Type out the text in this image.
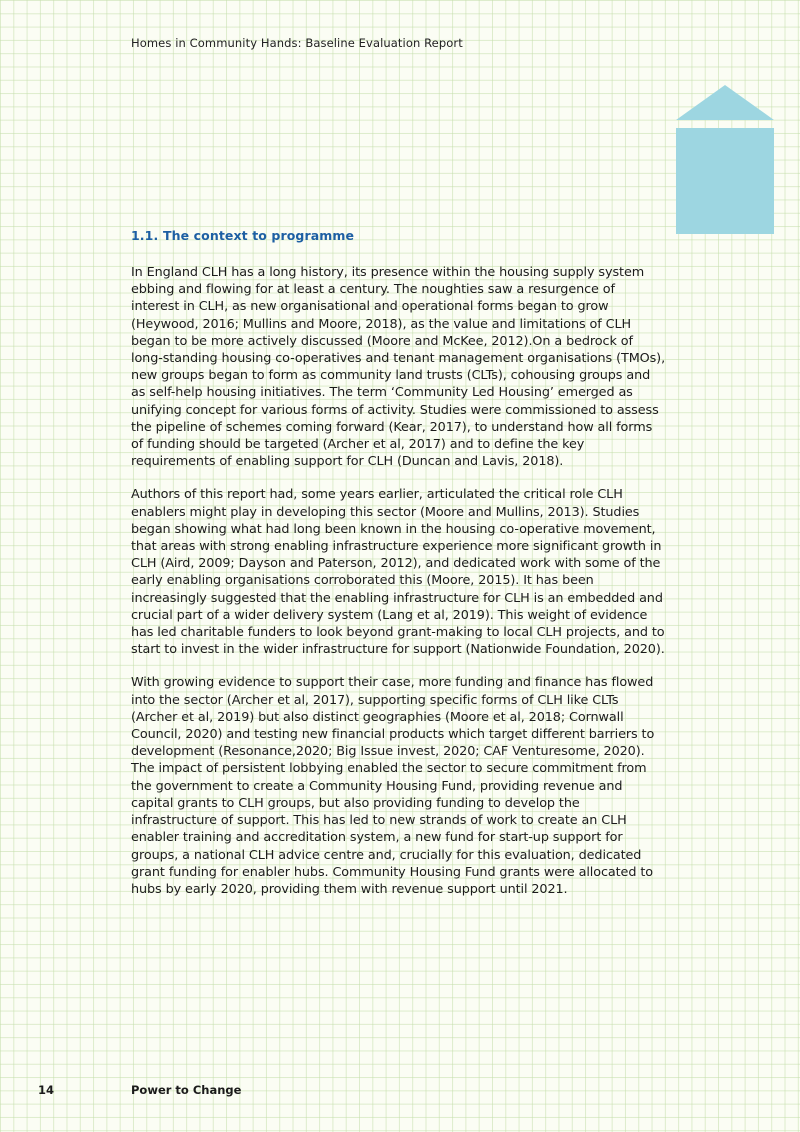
Homes in Community Hands: Baseline Evaluation Report
1.1. The context to programme

In England CLH has a long history, its presence within the housing supply system ebbing and flowing for at least a century. The noughties saw a resurgence of interest in CLH, as new organisational and operational forms began to grow (Heywood, 2016; Mullins and Moore, 2018), as the value and limitations of CLH began to be more actively discussed (Moore and McKee, 2012).On a bedrock of long-standing housing co-operatives and tenant management organisations (TMOs), new groups began to form as community land trusts (CLTs), cohousing groups and as self-help housing initiatives. The term ‘Community Led Housing’ emerged as unifying concept for various forms of activity. Studies were commissioned to assess the pipeline of schemes coming forward (Kear, 2017), to understand how all forms of funding should be targeted (Archer et al, 2017) and to define the key requirements of enabling support for CLH (Duncan and Lavis, 2018).

Authors of this report had, some years earlier, articulated the critical role CLH enablers might play in developing this sector (Moore and Mullins, 2013). Studies began showing what had long been known in the housing co-operative movement, that areas with strong enabling infrastructure experience more significant growth in CLH (Aird, 2009; Dayson and Paterson, 2012), and dedicated work with some of the early enabling organisations corroborated this (Moore, 2015). It has been increasingly suggested that the enabling infrastructure for CLH is an embedded and crucial part of a wider delivery system (Lang et al, 2019). This weight of evidence has led charitable funders to look beyond grant-making to local CLH projects, and to start to invest in the wider infrastructure for support (Nationwide Foundation, 2020).

With growing evidence to support their case, more funding and finance has flowed into the sector (Archer et al, 2017), supporting specific forms of CLH like CLTs (Archer et al, 2019) but also distinct geographies (Moore et al, 2018; Cornwall Council, 2020) and testing new financial products which target different barriers to development (Resonance,2020; Big Issue invest, 2020; CAF Venturesome, 2020). The impact of persistent lobbying enabled the sector to secure commitment from the government to create a Community Housing Fund, providing revenue and capital grants to CLH groups, but also providing funding to develop the infrastructure of support. This has led to new strands of work to create an CLH enabler training and accreditation system, a new fund for start-up support for groups, a national CLH advice centre and, crucially for this evaluation, dedicated grant funding for enabler hubs. Community Housing Fund grants were allocated to hubs by early 2020, providing them with revenue support until 2021.

14	Power to Change
